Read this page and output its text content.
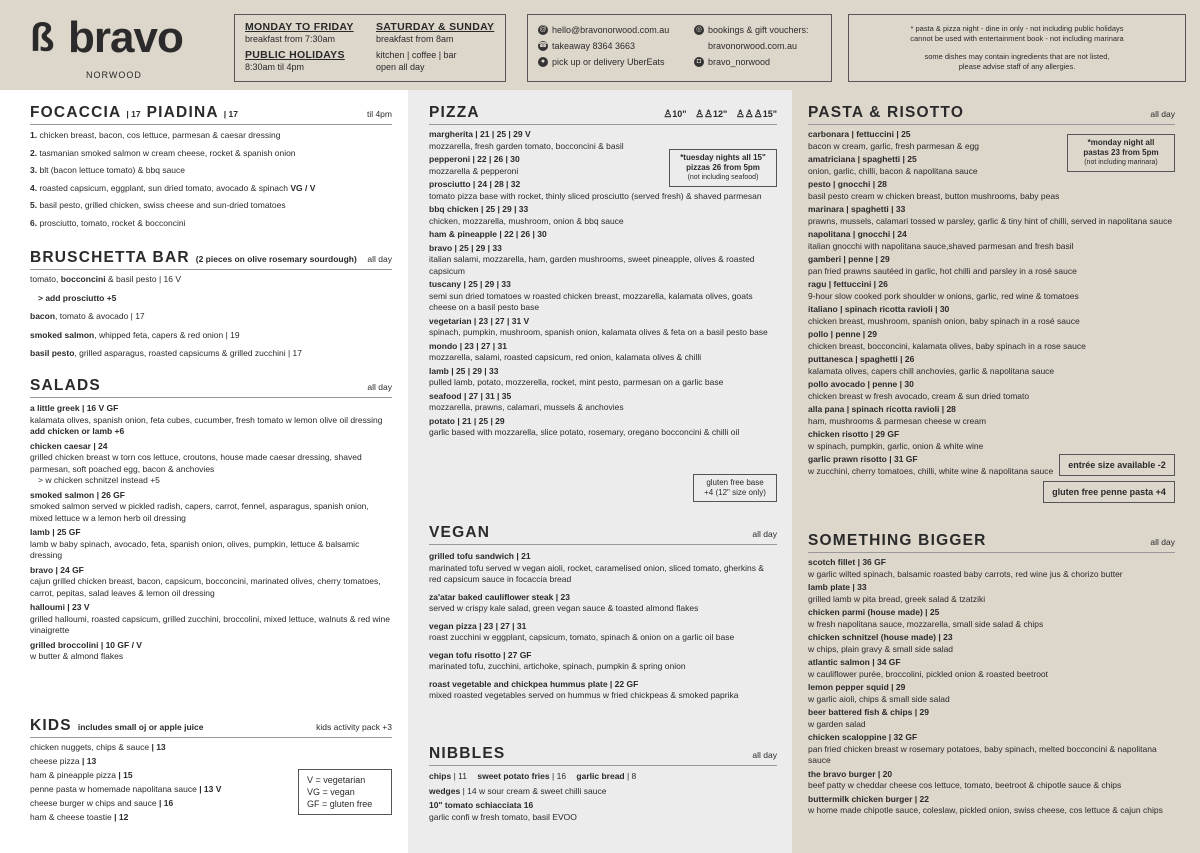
ß bravo
NORWOOD
MONDAY TO FRIDAY
breakfast from 7:30am
PUBLIC HOLIDAYS
8:30am til 4pm
SATURDAY & SUNDAY
breakfast from 8am
kitchen | coffee | bar
open all day
@ hello@bravonorwood.com.au
☎ takeaway 8364 3663
● pick up or delivery UberEats
◎ bookings & gift vouchers:
bravonorwood.com.au
◘ bravo_norwood
* pasta & pizza night - dine in only - not including public holidays
cannot be used with entertainment book - not including marinara
some dishes may contain ingredients that are not listed,
please advise staff of any allergies.
FOCACCIA | 17 PIADINA | 17	til 4pm
1. chicken breast, bacon, cos lettuce, parmesan & caesar dressing
2. tasmanian smoked salmon w cream cheese, rocket & spanish onion
3. blt (bacon lettuce tomato) & bbq sauce
4. roasted capsicum, eggplant, sun dried tomato, avocado & spinach VG / V
5. basil pesto, grilled chicken, swiss cheese and sun-dried tomatoes
6. prosciutto, tomato, rocket & bocconcini
BRUSCHETTA BAR (2 pieces on olive rosemary sourdough) all day
tomato, bocconcini & basil pesto | 16 V
> add prosciutto +5
bacon, tomato & avocado | 17
smoked salmon, whipped feta, capers & red onion | 19
basil pesto, grilled asparagus, roasted capsicums & grilled zucchini | 17
SALADS	all day
a little greek | 16 V GF
kalamata olives, spanish onion, feta cubes, cucumber, fresh tomato w lemon olive oil dressing add chicken or lamb +6
chicken caesar | 24
grilled chicken breast w torn cos lettuce, croutons, house made caesar dressing, shaved parmesan, soft poached egg, bacon & anchovies
> w chicken schnitzel instead +5
smoked salmon | 26 GF
smoked salmon served w pickled radish, capers, carrot, fennel, asparagus, spanish onion, mixed lettuce w a lemon herb oil dressing
lamb | 25 GF
lamb w baby spinach, avocado, feta, spanish onion, olives, pumpkin, lettuce & balsamic dressing
bravo | 24 GF
cajun grilled chicken breast, bacon, capsicum, bocconcini, marinated olives, cherry tomatoes, carrot, pepitas, salad leaves & lemon oil dressing
halloumi | 23 V
grilled halloumi, roasted capsicum, grilled zucchini, broccolini, mixed lettuce, walnuts & red wine vinaigrette
grilled broccolini | 10 GF / V
w butter & almond flakes
KIDS includes small oj or apple juice	kids activity pack +3
chicken nuggets, chips & sauce | 13
cheese pizza | 13
ham & pineapple pizza | 15
penne pasta w homemade napolitana sauce | 13 V
cheese burger w chips and sauce | 16
ham & cheese toastie | 12
V = vegetarian
VG = vegan
GF = gluten free
PIZZA	♙10" ♙♙12" ♙♙♙15"
margherita | 21 | 25 | 29 V
mozzarella, fresh garden tomato, bocconcini & basil
pepperoni | 22 | 26 | 30
mozzarella & pepperoni
prosciutto | 24 | 28 | 32
tomato pizza base with rocket, thinly sliced prosciutto (served fresh) & shaved parmesan
bbq chicken | 25 | 29 | 33
chicken, mozzarella, mushroom, onion & bbq sauce
ham & pineapple | 22 | 26 | 30
bravo | 25 | 29 | 33
italian salami, mozzarella, ham, garden mushrooms, sweet pineapple, olives & roasted capsicum
tuscany | 25 | 29 | 33
semi sun dried tomatoes w roasted chicken breast, mozzarella, kalamata olives, goats cheese on a basil pesto base
vegetarian | 23 | 27 | 31 V
spinach, pumpkin, mushroom, spanish onion, kalamata olives & feta on a basil pesto base
mondo | 23 | 27 | 31
mozzarella, salami, roasted capsicum, red onion, kalamata olives & chilli
lamb | 25 | 29 | 33
pulled lamb, potato, mozzerella, rocket, mint pesto, parmesan on a garlic base
seafood | 27 | 31 | 35
mozzarella, prawns, calamari, mussels & anchovies
potato | 21 | 25 | 29
garlic based with mozzarella, slice potato, rosemary, oregano bocconcini & chilli oil
*tuesday nights all 15"
pizzas 26 from 5pm
(not including seafood)
gluten free base
+4 (12" size only)
VEGAN	all day
grilled tofu sandwich | 21
marinated tofu served w vegan aioli, rocket, caramelised onion, sliced tomato, gherkins & red capsicum sauce in focaccia bread
za'atar baked cauliflower steak | 23
served w crispy kale salad, green vegan sauce & toasted almond flakes
vegan pizza | 23 | 27 | 31
roast zucchini w eggplant, capsicum, tomato, spinach & onion on a garlic oil base
vegan tofu risotto | 27 GF
marinated tofu, zucchini, artichoke, spinach, pumpkin & spring onion
roast vegetable and chickpea hummus plate | 22 GF
mixed roasted vegetables served on hummus w fried chickpeas & smoked paprika
NIBBLES	all day
chips | 11 sweet potato fries | 16 garlic bread | 8
wedges | 14 w sour cream & sweet chilli sauce
10" tomato schiacciata 16
garlic confi w fresh tomato, basil EVOO
PASTA & RISOTTO	all day
carbonara | fettuccini | 25
bacon w cream, garlic, fresh parmesan & egg
amatriciana | spaghetti | 25
onion, garlic, chilli, bacon & napolitana sauce
pesto | gnocchi | 28
basil pesto cream w chicken breast, button mushrooms, baby peas
marinara | spaghetti | 33
prawns, mussels, calamari tossed w parsley, garlic & tiny hint of chilli, served in napolitana sauce
napolitana | gnocchi | 24
italian gnocchi with napolitana sauce,shaved parmesan and fresh basil
gamberi | penne | 29
pan fried prawns sautéed in garlic, hot chilli and parsley in a rosé sauce
ragu | fettuccini | 26
9-hour slow cooked pork shoulder w onions, garlic, red wine & tomatoes
italiano | spinach ricotta ravioli | 30
chicken breast, mushroom, spanish onion, baby spinach in a rosé sauce
pollo | penne | 29
chicken breast, bocconcini, kalamata olives, baby spinach in a rose sauce
puttanesca | spaghetti | 26
kalamata olives, capers chill anchovies, garlic & napolitana sauce
pollo avocado | penne | 30
chicken breast w fresh avocado, cream & sun dried tomato
alla pana | spinach ricotta ravioli | 28
ham, mushrooms & parmesan cheese w cream
chicken risotto | 29 GF
w spinach, pumpkin, garlic, onion & white wine
garlic prawn risotto | 31 GF
w zucchini, cherry tomatoes, chilli, white wine & napolitana sauce
*monday night all
pastas 23 from 5pm
(not including marinara)
entrée size available -2
gluten free penne pasta +4
SOMETHING BIGGER	all day
scotch fillet | 36 GF
w garlic wilted spinach, balsamic roasted baby carrots, red wine jus & chorizo butter
lamb plate | 33
grilled lamb w pita bread, greek salad & tzatziki
chicken parmi (house made) | 25
w fresh napolitana sauce, mozzarella, small side salad & chips
chicken schnitzel (house made) | 23
w chips, plain gravy & small side salad
atlantic salmon | 34 GF
w cauliflower purée, broccolini, pickled onion & roasted beetroot
lemon pepper squid | 29
w garlic aioli, chips & small side salad
beer battered fish & chips | 29
w garden salad
chicken scaloppine | 32 GF
pan fried chicken breast w rosemary potatoes, baby spinach, melted bocconcini & napolitana sauce
the bravo burger | 20
beef patty w cheddar cheese cos lettuce, tomato, beetroot & chipotle sauce & chips
buttermilk chicken burger | 22
w home made chipotle sauce, coleslaw, pickled onion, swiss cheese, cos lettuce & cajun chips
